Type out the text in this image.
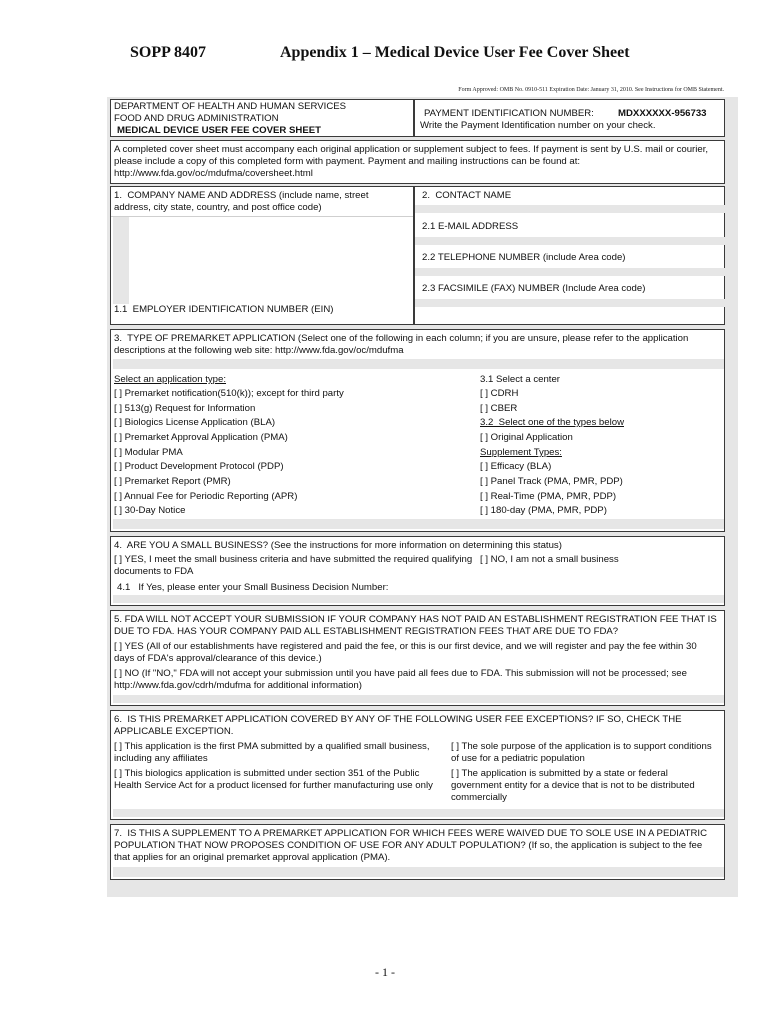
SOPP 8407	Appendix 1 – Medical Device User Fee Cover Sheet
Form Approved: OMB No. 0910-511 Expiration Date: January 31, 2010. See Instructions for OMB Statement.
DEPARTMENT OF HEALTH AND HUMAN SERVICES
FOOD AND DRUG ADMINISTRATION
MEDICAL DEVICE USER FEE COVER SHEET
PAYMENT IDENTIFICATION NUMBER:	MDXXXXXX-956733
Write the Payment Identification number on your check.
A completed cover sheet must accompany each original application or supplement subject to fees. If payment is sent by U.S. mail or courier, please include a copy of this completed form with payment. Payment and mailing instructions can be found at: http://www.fda.gov/oc/mdufma/coversheet.html
1.  COMPANY NAME AND ADDRESS (include name, street address, city state, country, and post office code)
1.1  EMPLOYER IDENTIFICATION NUMBER (EIN)
2.  CONTACT NAME
2.1 E-MAIL ADDRESS
2.2 TELEPHONE NUMBER (include Area code)
2.3 FACSIMILE (FAX) NUMBER (Include Area code)
3.  TYPE OF PREMARKET APPLICATION (Select one of the following in each column; if you are unsure, please refer to the application descriptions at the following web site: http://www.fda.gov/oc/mdufma
Select an application type:
[ ] Premarket notification(510(k)); except for third party
[ ] 513(g) Request for Information
[ ] Biologics License Application (BLA)
[ ] Premarket Approval Application (PMA)
[ ] Modular PMA
[ ] Product Development Protocol (PDP)
[ ] Premarket Report (PMR)
[ ] Annual Fee for Periodic Reporting (APR)
[ ] 30-Day Notice
3.1 Select a center
[ ] CDRH
[ ] CBER
3.2  Select one of the types below
[ ] Original Application
Supplement Types:
[ ] Efficacy (BLA)
[ ] Panel Track (PMA, PMR, PDP)
[ ] Real-Time (PMA, PMR, PDP)
[ ] 180-day (PMA, PMR, PDP)
4.  ARE YOU A SMALL BUSINESS? (See the instructions for more information on determining this status)
[ ] YES, I meet the small business criteria and have submitted the required qualifying documents to FDA
[ ] NO, I am not a small business
4.1   If Yes, please enter your Small Business Decision Number:
5. FDA WILL NOT ACCEPT YOUR SUBMISSION IF YOUR COMPANY HAS NOT PAID AN ESTABLISHMENT REGISTRATION FEE THAT IS DUE TO FDA. HAS YOUR COMPANY PAID ALL ESTABLISHMENT REGISTRATION FEES THAT ARE DUE TO FDA?
[ ] YES (All of our establishments have registered and paid the fee, or this is our first device, and we will register and pay the fee within 30 days of FDA's approval/clearance of this device.)
[ ] NO (If "NO," FDA will not accept your submission until you have paid all fees due to FDA. This submission will not be processed; see http://www.fda.gov/cdrh/mdufma for additional information)
6.  IS THIS PREMARKET APPLICATION COVERED BY ANY OF THE FOLLOWING USER FEE EXCEPTIONS? IF SO, CHECK THE APPLICABLE EXCEPTION.
[ ] This application is the first PMA submitted by a qualified small business, including any affiliates
[ ] The sole purpose of the application is to support conditions of use for a pediatric population
[ ] This biologics application is submitted under section 351 of the Public Health Service Act for a product licensed for further manufacturing use only
[ ] The application is submitted by a state or federal government entity for a device that is not to be distributed commercially
7.  IS THIS A SUPPLEMENT TO A PREMARKET APPLICATION FOR WHICH FEES WERE WAIVED DUE TO SOLE USE IN A PEDIATRIC POPULATION THAT NOW PROPOSES CONDITION OF USE FOR ANY ADULT POPULATION? (If so, the application is subject to the fee that applies for an original premarket approval application (PMA).
- 1 -
